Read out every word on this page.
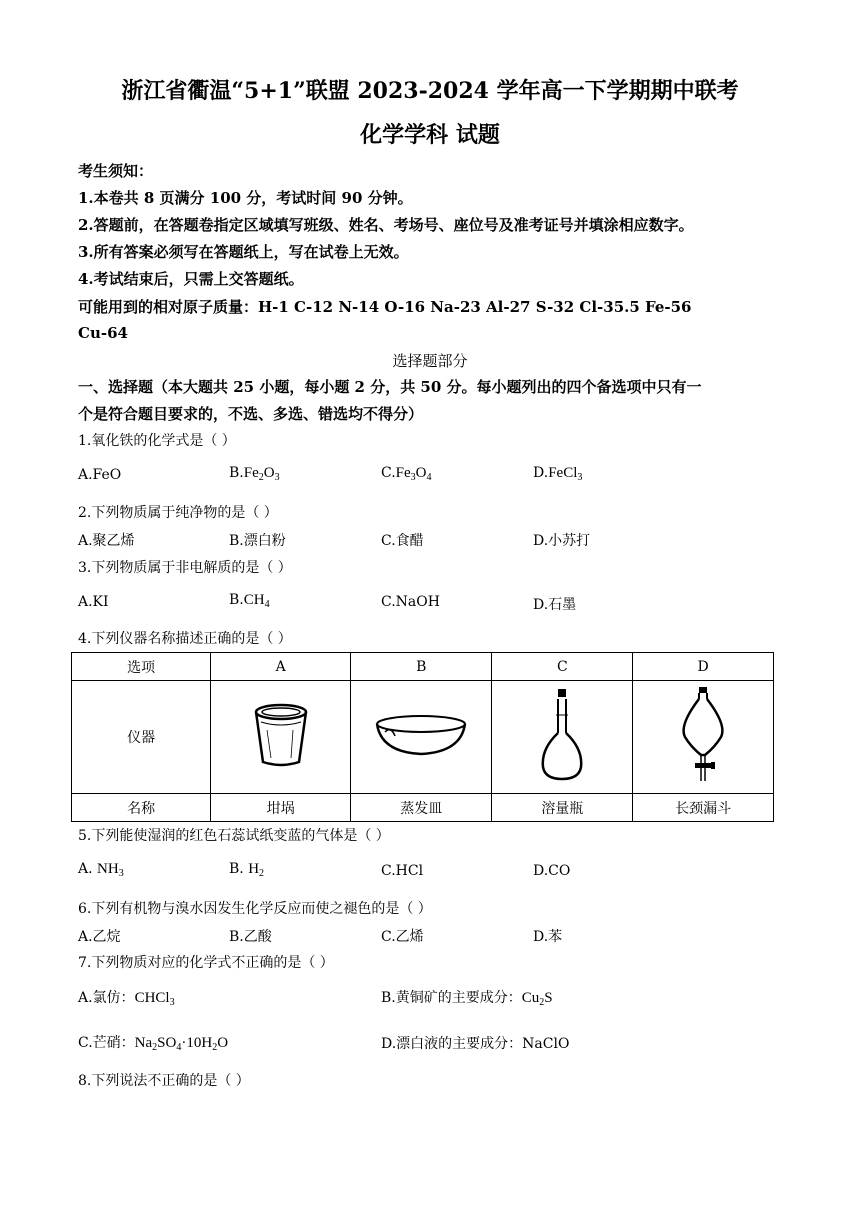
浙江省衢温“5+1”联盟 2023-2024 学年高一下学期期中联考
化学学科 试题
考生须知：
1.本卷共 8 页满分 100 分，考试时间 90 分钟。
2.答题前，在答题卷指定区域填写班级、姓名、考场号、座位号及准考证号并填涂相应数字。
3.所有答案必须写在答题纸上，写在试卷上无效。
4.考试结束后，只需上交答题纸。
可能用到的相对原子质量：H-1 C-12 N-14 O-16 Na-23 Al-27 S-32 Cl-35.5 Fe-56
Cu-64
选择题部分
一、选择题（本大题共 25 小题，每小题 2 分，共 50 分。每小题列出的四个备选项中只有一
个是符合题目要求的，不选、多选、错选均不得分）
1.氧化铁的化学式是（ ）
A.FeO	$B.Fe_2O_3$	$C.Fe_3O_4$	D.FeCl$_3$
2.下列物质属于纯净物的是（ ）
A.聚乙烯	B.漂白粉	C.食醋	D.小苏打
3.下列物质属于非电解质的是（ ）
A.KI	$B.CH_4$	C.NaOH	D.石墨
4.下列仪器名称描述正确的是（ ）
选项	A	B	C	D
仪器				
名称	坩埚	蒸发皿	溶量瓶	长颈漏斗
5.下列能使湿润的红色石蕊试纸变蓝的气体是（ ）
A. $NH_3$	B. $H_2$	C.HCl	D.CO
6.下列有机物与溴水因发生化学反应而使之褪色的是（ ）
A.乙烷	B.乙酸	C.乙烯	D.苯
7.下列物质对应的化学式不正确的是（ ）
A.氯仿：CHCl$_3$	B.黄铜矿的主要成分：$Cu_2S$
C.芒硝：$Na_2SO_4\cdot 10H_2O$	D.漂白液的主要成分：NaClO
8.下列说法不正确的是（ ）
